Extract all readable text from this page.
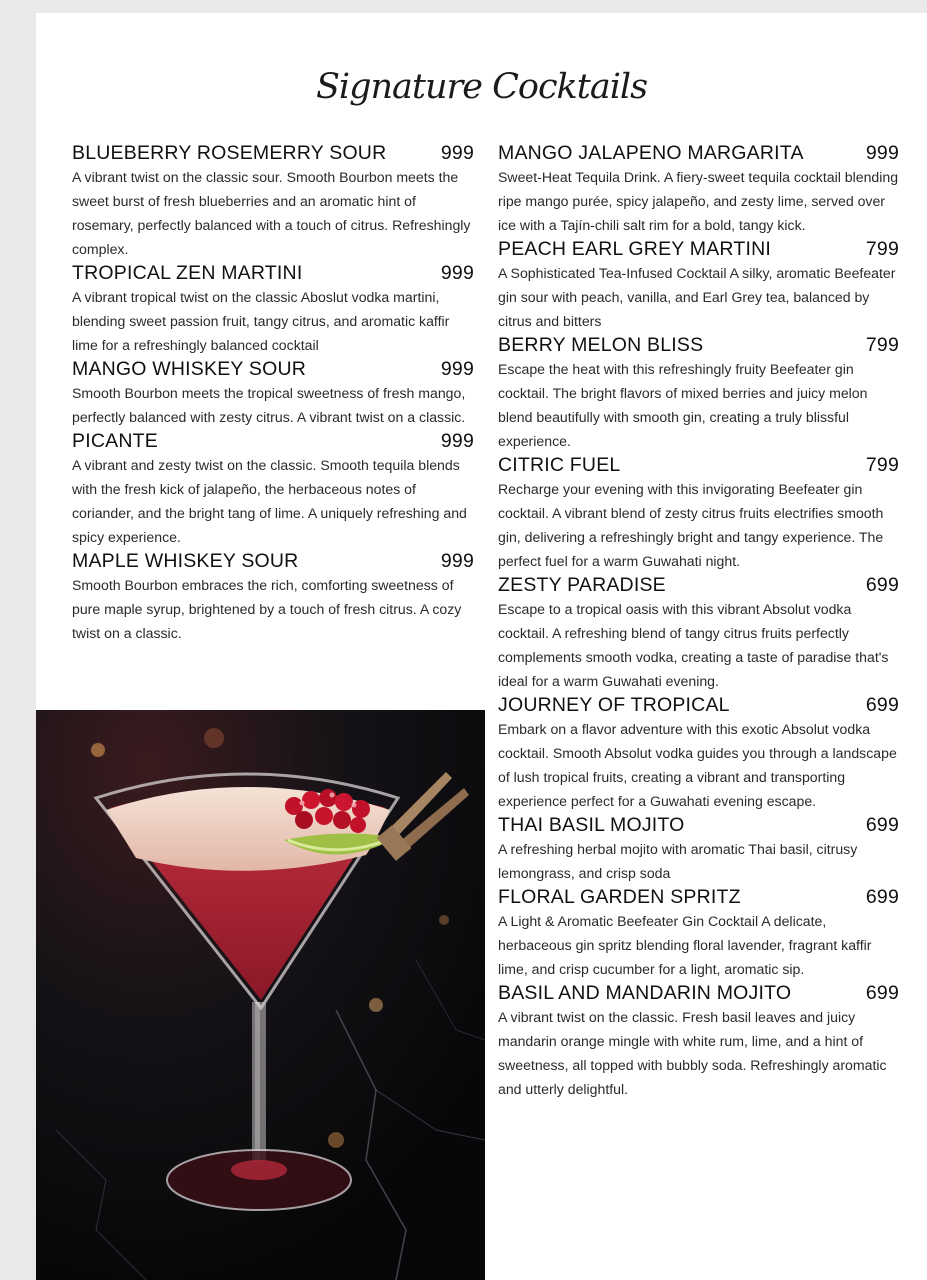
Signature Cocktails
BLUEBERRY ROSEMERRY SOUR	999

A vibrant twist on the classic sour. Smooth Bourbon meets the sweet burst of fresh blueberries and an aromatic hint of rosemary, perfectly balanced with a touch of citrus. Refreshingly complex.

TROPICAL ZEN MARTINI	999

A vibrant tropical twist on the classic Aboslut vodka martini, blending sweet passion fruit, tangy citrus, and aromatic kaffir lime for a refreshingly balanced cocktail

MANGO WHISKEY SOUR	999

Smooth Bourbon meets the tropical sweetness of fresh mango, perfectly balanced with zesty citrus. A vibrant twist on a classic.

PICANTE	999

A vibrant and zesty twist on the classic. Smooth tequila blends with the fresh kick of jalapeño, the herbaceous notes of coriander, and the bright tang of lime. A uniquely refreshing and spicy experience.

MAPLE WHISKEY SOUR	999

Smooth Bourbon embraces the rich, comforting sweetness of pure maple syrup, brightened by a touch of fresh citrus. A cozy twist on a classic.

MANGO JALAPENO MARGARITA	999

Sweet-Heat Tequila Drink. A fiery-sweet tequila cocktail blending ripe mango purée, spicy jalapeño, and zesty lime, served over ice with a Tajín-chili salt rim for a bold, tangy kick.

PEACH EARL GREY MARTINI	799

A Sophisticated Tea-Infused Cocktail A silky, aromatic Beefeater gin sour with peach, vanilla, and Earl Grey tea, balanced by citrus and bitters

BERRY MELON BLISS	799

Escape the heat with this refreshingly fruity Beefeater gin cocktail. The bright flavors of mixed berries and juicy melon blend beautifully with smooth gin, creating a truly blissful experience.

CITRIC FUEL	799

Recharge your evening with this invigorating Beefeater gin cocktail. A vibrant blend of zesty citrus fruits electrifies smooth gin, delivering a refreshingly bright and tangy experience. The perfect fuel for a warm Guwahati night.

ZESTY PARADISE	699

Escape to a tropical oasis with this vibrant Absolut vodka cocktail. A refreshing blend of tangy citrus fruits perfectly complements smooth vodka, creating a taste of paradise that's ideal for a warm Guwahati evening.

JOURNEY OF TROPICAL	699

Embark on a flavor adventure with this exotic Absolut vodka cocktail. Smooth Absolut vodka guides you through a landscape of lush tropical fruits, creating a vibrant and transporting experience perfect for a Guwahati evening escape.

THAI BASIL MOJITO	699

A refreshing herbal mojito with aromatic Thai basil, citrusy lemongrass, and crisp soda

FLORAL GARDEN SPRITZ	699

A Light & Aromatic Beefeater Gin Cocktail A delicate, herbaceous gin spritz blending floral lavender, fragrant kaffir lime, and crisp cucumber for a light, aromatic sip.

BASIL AND MANDARIN MOJITO	699

A vibrant twist on the classic. Fresh basil leaves and juicy mandarin orange mingle with white rum, lime, and a hint of sweetness, all topped with bubbly soda. Refreshingly aromatic and utterly delightful.
